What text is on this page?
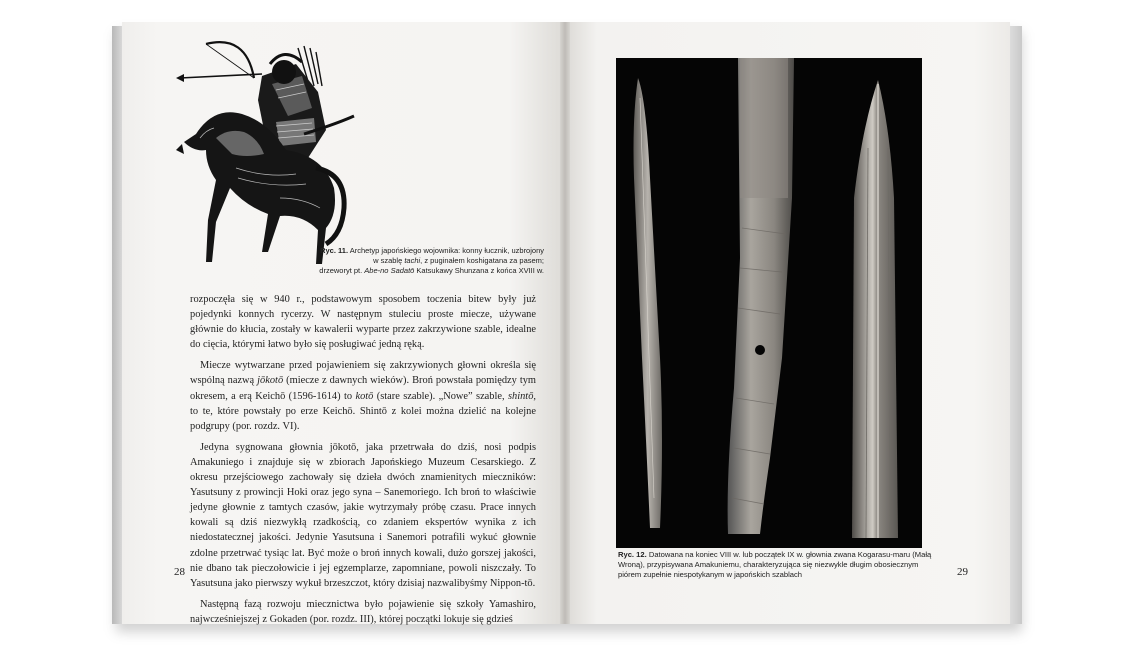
Ryc. 11. Archetyp japońskiego wojownika: konny łucznik, uzbrojony
w szablę tachi, z puginałem koshigatana za pasem;
drzeworyt pt. Abe-no Sadatō Katsukawy Shunzana z końca XVIII w.

rozpoczęła się w 940 r., podstawowym sposobem toczenia bitew były już pojedynki konnych rycerzy. W następnym stuleciu proste miecze, używane głównie do kłucia, zostały w kawalerii wyparte przez zakrzywione szable, idealne do cięcia, którymi łatwo było się posługiwać jedną ręką.

Miecze wytwarzane przed pojawieniem się zakrzywionych głowni określa się wspólną nazwą jōkotō (miecze z dawnych wieków). Broń powstała pomiędzy tym okresem, a erą Keichō (1596-1614) to kotō (stare szable). „Nowe” szable, shintō, to te, które powstały po erze Keichō. Shintō z kolei można dzielić na kolejne podgrupy (por. rozdz. VI).

Jedyna sygnowana głownia jōkotō, jaka przetrwała do dziś, nosi podpis Amakuniego i znajduje się w zbiorach Japońskiego Muzeum Cesarskiego. Z okresu przejściowego zachowały się dzieła dwóch znamienitych mieczników: Yasutsuny z prowincji Hoki oraz jego syna – Sanemoriego. Ich broń to właściwie jedyne głownie z tamtych czasów, jakie wytrzymały próbę czasu. Prace innych kowali są dziś niezwykłą rzadkością, co zdaniem ekspertów wynika z ich niedostatecznej jakości. Jedynie Yasutsuna i Sanemori potrafili wykuć głownie zdolne przetrwać tysiąc lat. Być może o broń innych kowali, dużo gorszej jakości, nie dbano tak pieczołowicie i jej egzemplarze, zapomniane, powoli niszczały. To Yasutsuna jako pierwszy wykuł brzeszczot, który dzisiaj nazwalibyśmy Nippon-tō.

Następną fazą rozwoju miecznictwa było pojawienie się szkoły Yamashiro, najwcześniejszej z Gokaden (por. rozdz. III), której początki lokuje się gdzieś

28
Ryc. 12. Datowana na koniec VIII w. lub początek IX w. głownia zwana Kogarasu-maru (Małą Wroną), przypisywana Amakuniemu, charakteryzująca się niezwykle długim obosiecznym piórem zupełnie niespotykanym w japońskich szablach	29
